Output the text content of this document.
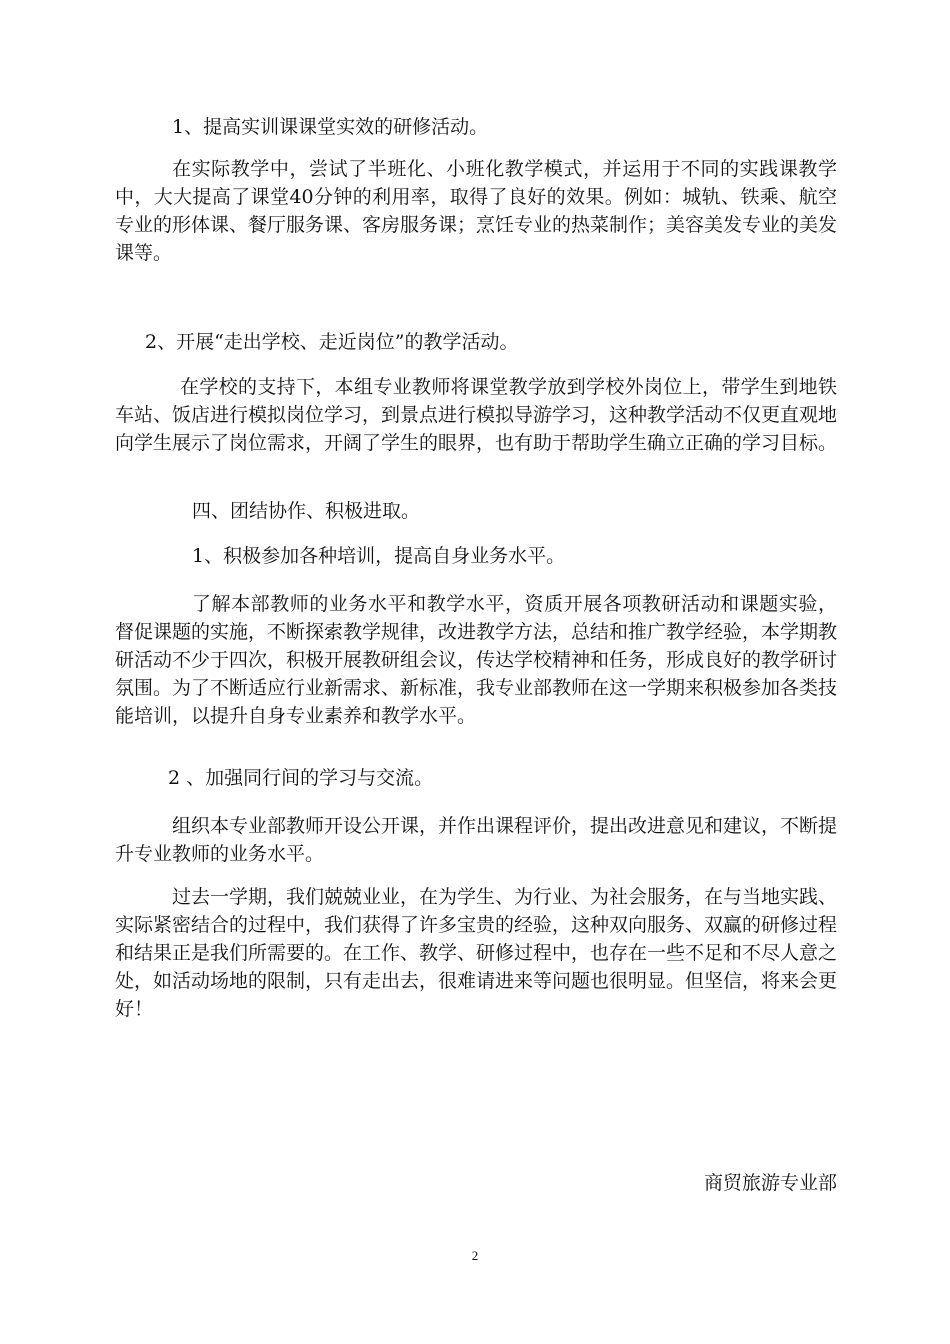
1、提高实训课课堂实效的研修活动。
在实际教学中，尝试了半班化、小班化教学模式，并运用于不同的实践课教学中，大大提高了课堂40分钟的利用率，取得了良好的效果。例如：城轨、铁乘、航空专业的形体课、餐厅服务课、客房服务课；烹饪专业的热菜制作；美容美发专业的美发课等。
2、开展“走出学校、走近岗位”的教学活动。
在学校的支持下，本组专业教师将课堂教学放到学校外岗位上，带学生到地铁车站、饭店进行模拟岗位学习，到景点进行模拟导游学习，这种教学活动不仅更直观地向学生展示了岗位需求，开阔了学生的眼界，也有助于帮助学生确立正确的学习目标。
四、团结协作、积极进取。
1、积极参加各种培训，提高自身业务水平。
了解本部教师的业务水平和教学水平，资质开展各项教研活动和课题实验，督促课题的实施，不断探索教学规律，改进教学方法，总结和推广教学经验，本学期教研活动不少于四次，积极开展教研组会议，传达学校精神和任务，形成良好的教学研讨氛围。为了不断适应行业新需求、新标准，我专业部教师在这一学期来积极参加各类技能培训，以提升自身专业素养和教学水平。
2 、加强同行间的学习与交流。
组织本专业部教师开设公开课，并作出课程评价，提出改进意见和建议，不断提升专业教师的业务水平。
过去一学期，我们兢兢业业，在为学生、为行业、为社会服务，在与当地实践、实际紧密结合的过程中，我们获得了许多宝贵的经验，这种双向服务、双赢的研修过程和结果正是我们所需要的。在工作、教学、研修过程中，也存在一些不足和不尽人意之处，如活动场地的限制，只有走出去，很难请进来等问题也很明显。但坚信，将来会更好！
商贸旅游专业部
2
